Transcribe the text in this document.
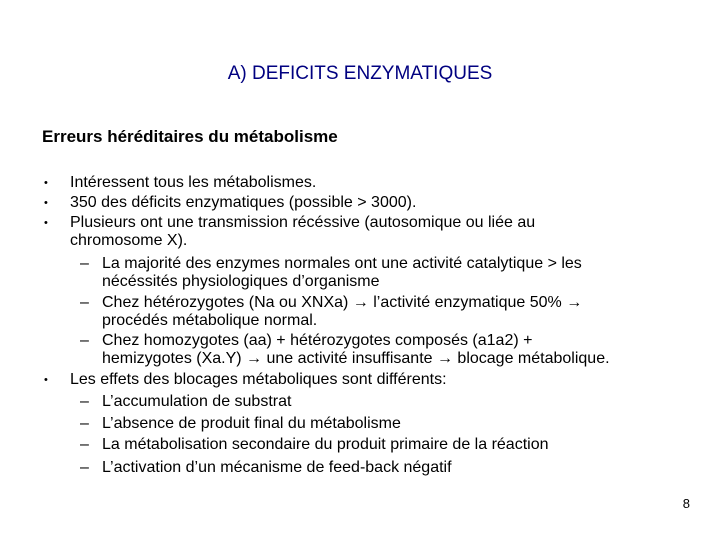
A) DEFICITS ENZYMATIQUES
Erreurs héréditaires du métabolisme
•
•
•
•
Intéressent tous les métabolismes.
350 des déficits enzymatiques (possible > 3000).
Plusieurs ont une transmission récéssive (autosomique ou liée au
chromosome X).
– La majorité des enzymes normales ont une activité catalytique > les
nécéssités physiologiques d’organisme
– Chez hétérozygotes (Na ou XNXa) → l’activité enzymatique 50% →
procédés métabolique normal.
– Chez homozygotes (aa) + hétérozygotes composés (a1a2) +
hemizygotes (Xa.Y) → une activité insuffisante → blocage métabolique.
Les effets des blocages métaboliques sont différents:
– L’accumulation de substrat
– L’absence de produit final du métabolisme
– La métabolisation secondaire du produit primaire de la réaction
– L’activation d’un mécanisme de feed-back négatif
8
